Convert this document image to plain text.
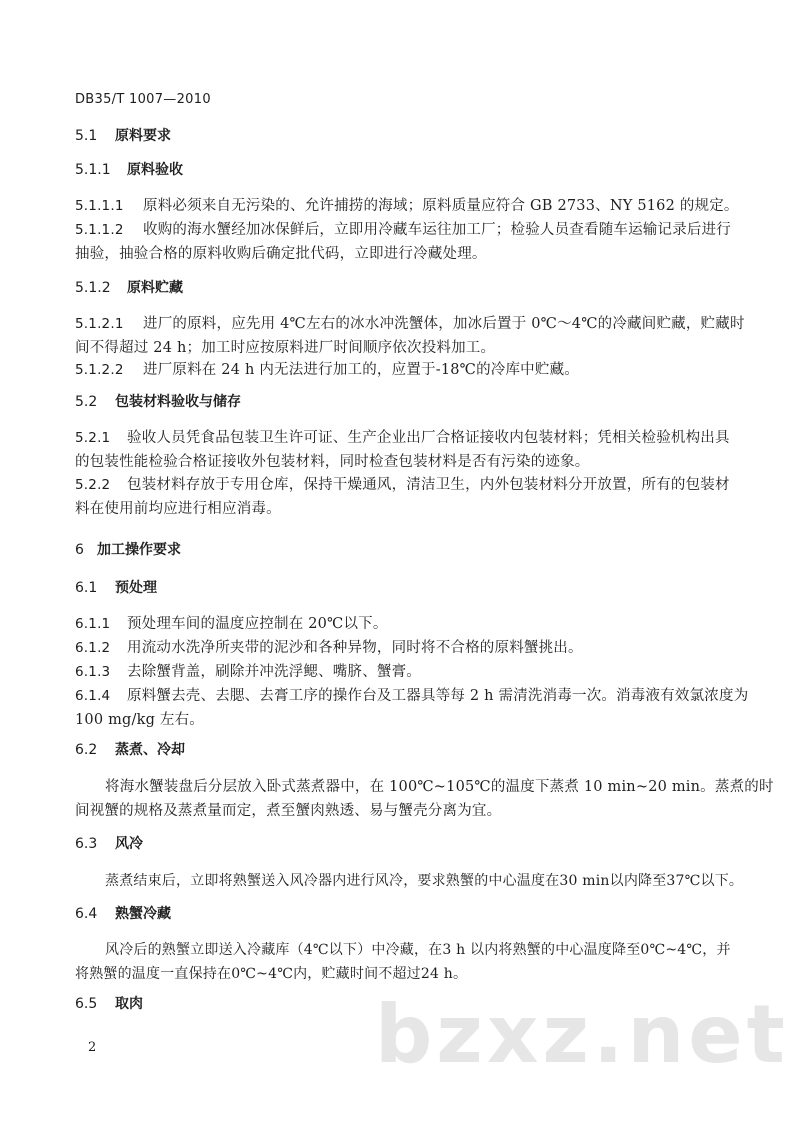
DB35/T 1007—2010
5.1 原料要求
5.1.1 原料验收
5.1.1.1 原料必须来自无污染的、允许捕捞的海域；原料质量应符合 GB 2733、NY 5162 的规定。
5.1.1.2 收购的海水蟹经加冰保鲜后，立即用冷藏车运往加工厂；检验人员查看随车运输记录后进行
抽验，抽验合格的原料收购后确定批代码，立即进行冷藏处理。
5.1.2 原料贮藏
5.1.2.1 进厂的原料，应先用 4℃左右的冰水冲洗蟹体，加冰后置于 0℃～4℃的冷藏间贮藏，贮藏时
间不得超过 24 h；加工时应按原料进厂时间顺序依次投料加工。
5.1.2.2 进厂原料在 24 h 内无法进行加工的，应置于-18℃的冷库中贮藏。
5.2 包装材料验收与储存
5.2.1 验收人员凭食品包装卫生许可证、生产企业出厂合格证接收内包装材料；凭相关检验机构出具
的包装性能检验合格证接收外包装材料，同时检查包装材料是否有污染的迹象。
5.2.2 包装材料存放于专用仓库，保持干燥通风，清洁卫生，内外包装材料分开放置，所有的包装材
料在使用前均应进行相应消毒。
6 加工操作要求
6.1 预处理
6.1.1 预处理车间的温度应控制在 20℃以下。
6.1.2 用流动水洗净所夹带的泥沙和各种异物，同时将不合格的原料蟹挑出。
6.1.3 去除蟹背盖，刷除并冲洗浮鳃、嘴脐、蟹膏。
6.1.4 原料蟹去壳、去腮、去膏工序的操作台及工器具等每 2 h 需清洗消毒一次。消毒液有效氯浓度为
100 mg/kg 左右。
6.2 蒸煮、冷却
将海水蟹装盘后分层放入卧式蒸煮器中，在 100℃~105℃的温度下蒸煮 10 min~20 min。蒸煮的时
间视蟹的规格及蒸煮量而定，煮至蟹肉熟透、易与蟹壳分离为宜。
6.3 风冷
蒸煮结束后，立即将熟蟹送入风冷器内进行风冷，要求熟蟹的中心温度在30 min以内降至37℃以下。
6.4 熟蟹冷藏
风冷后的熟蟹立即送入冷藏库（4℃以下）中冷藏，在3 h 以内将熟蟹的中心温度降至0℃~4℃，并
将熟蟹的温度一直保持在0℃~4℃内，贮藏时间不超过24 h。
6.5 取肉	bzxz.net
2
